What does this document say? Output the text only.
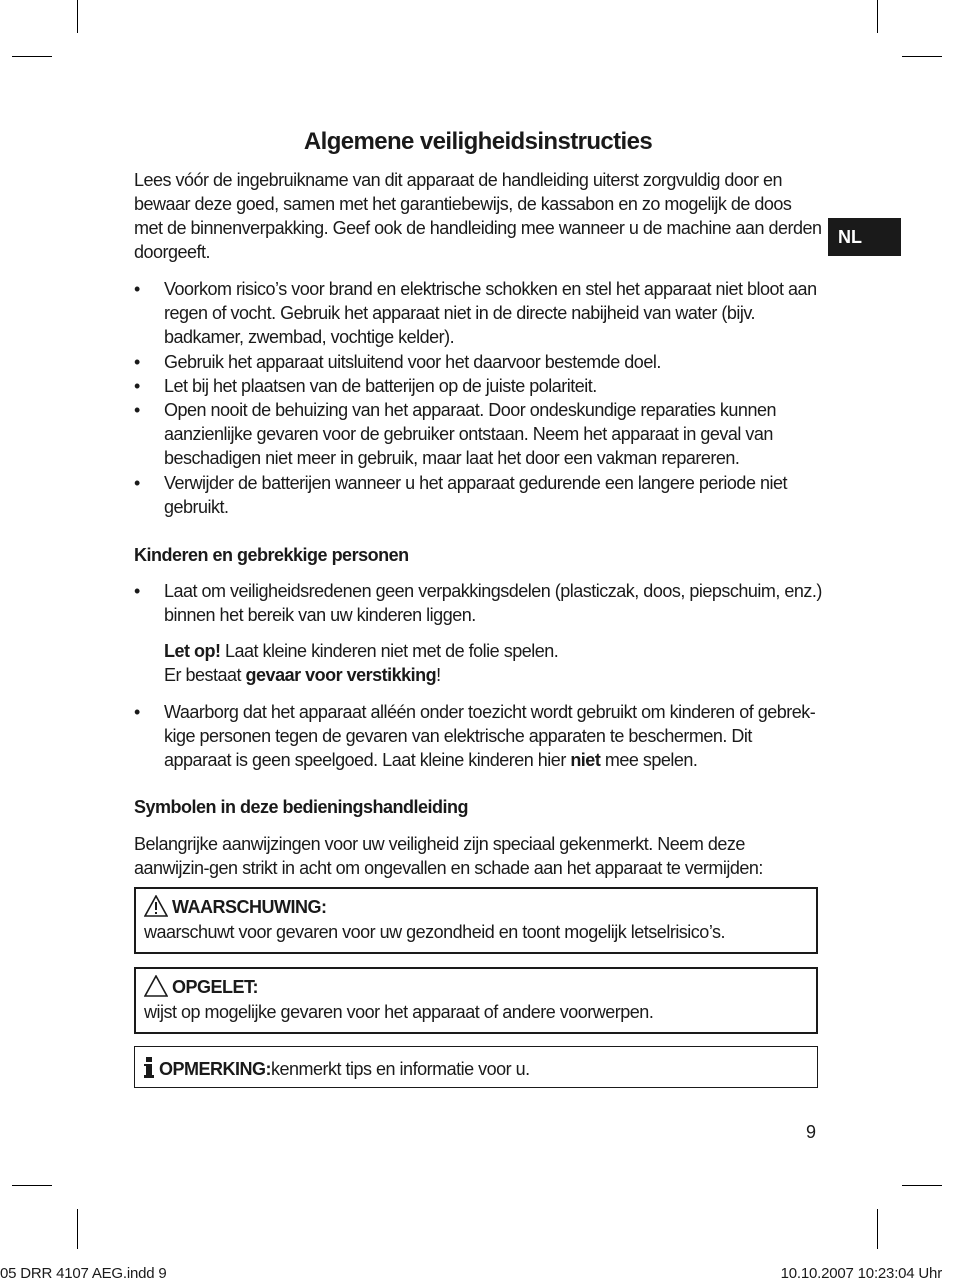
NL
Algemene veiligheidsinstructies
Lees vóór de ingebruikname van dit apparaat de handleiding uiterst zorgvuldig door en bewaar deze goed, samen met het garantiebewijs, de kassabon en zo mogelijk de doos met de binnenverpakking. Geef ook de handleiding mee wanneer u de machine aan derden doorgeeft.
•	Voorkom risico’s voor brand en elektrische schokken en stel het apparaat niet bloot aan regen of vocht. Gebruik het apparaat niet in de directe nabijheid van water (bijv. badkamer, zwembad, vochtige kelder).
•	Gebruik het apparaat uitsluitend voor het daarvoor bestemde doel.
•	Let bij het plaatsen van de batterijen op de juiste polariteit.
•	Open nooit de behuizing van het apparaat. Door ondeskundige reparaties kunnen aanzienlijke gevaren voor de gebruiker ontstaan. Neem het apparaat in geval van beschadigen niet meer in gebruik, maar laat het door een vakman repareren.
•	Verwijder de batterijen wanneer u het apparaat gedurende een langere periode niet gebruikt.
Kinderen en gebrekkige personen
•	Laat om veiligheidsredenen geen verpakkingsdelen (plasticzak, doos, piepschuim, enz.) binnen het bereik van uw kinderen liggen.
Let op! Laat kleine kinderen niet met de folie spelen.
Er bestaat gevaar voor verstikking!
•	Waarborg dat het apparaat alléén onder toezicht wordt gebruikt om kinderen of gebrek-kige personen tegen de gevaren van elektrische apparaten te beschermen. Dit apparaat is geen speelgoed. Laat kleine kinderen hier niet mee spelen.
Symbolen in deze bedieningshandleiding
Belangrijke aanwijzingen voor uw veiligheid zijn speciaal gekenmerkt. Neem deze aanwijzin-gen strikt in acht om ongevallen en schade aan het apparaat te vermijden:
WAARSCHUWING:
waarschuwt voor gevaren voor uw gezondheid en toont mogelijk letselrisico’s.
OPGELET:
wijst op mogelijke gevaren voor het apparaat of andere voorwerpen.
OPMERKING: kenmerkt tips en informatie voor u.
9
05 DRR 4107 AEG.indd 9	10.10.2007 10:23:04 Uhr
